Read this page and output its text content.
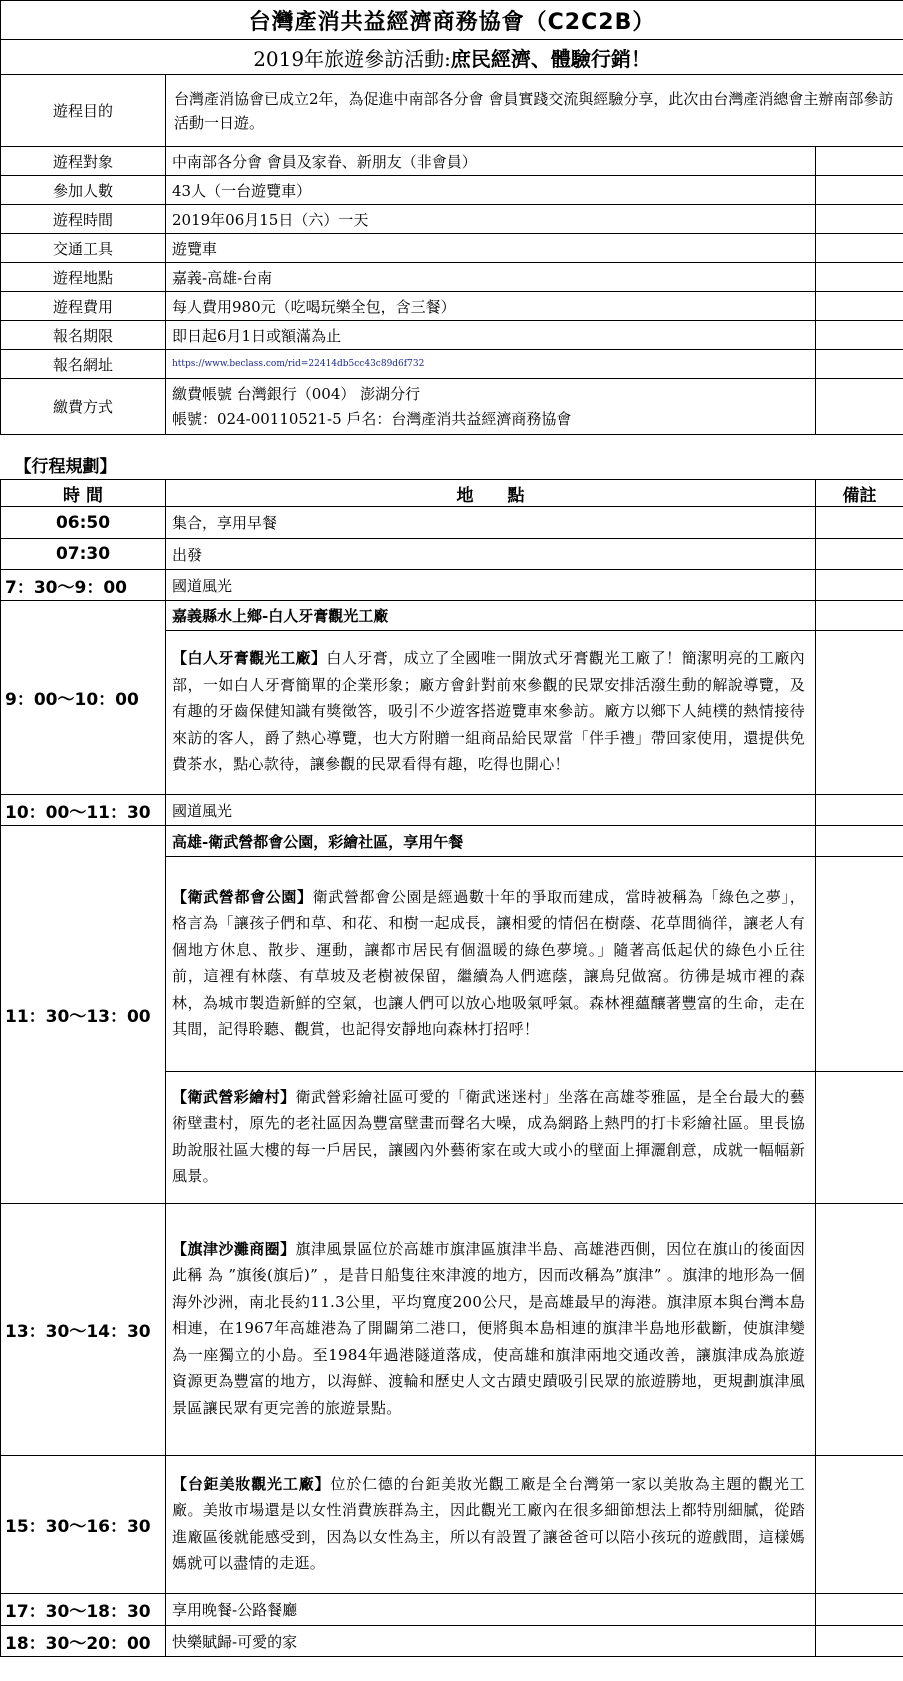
台灣產消共益經濟商務協會（C2C2B）		
2019年旅遊參訪活動:庶民經濟、體驗行銷！		
遊程目的	台灣產消協會已成立2年，為促進中南部各分會 會員實踐交流與經驗分享，此次由台灣產消總會主辦南部參訪活動一日遊。	
遊程對象	中南部各分會 會員及家眷、新朋友（非會員）	
參加人數	43人（一台遊覽車）	
遊程時間	2019年06月15日（六）一天	
交通工具	遊覽車	
遊程地點	嘉義-高雄-台南	
遊程費用	每人費用980元（吃喝玩樂全包，含三餐）	
報名期限	即日起6月1日或額滿為止	
報名網址	https://www.beclass.com/rid=22414db5cc43c89d6f732	
繳費方式	繳費帳號 台灣銀行（004） 澎湖分行
帳號：024-00110521-5 戶名：台灣產消共益經濟商務協會	

【行程規劃】		
時 間	地　　點	備註
06:50	集合，享用早餐	
07:30	出發	
7：30～9：00	國道風光	
9：00～10：00	嘉義縣水上鄉-白人牙膏觀光工廠	
	【白人牙膏觀光工廠】白人牙膏，成立了全國唯一開放式牙膏觀光工廠了！簡潔明亮的工廠內部，一如白人牙膏簡單的企業形象；廠方會針對前來參觀的民眾安排活潑生動的解說導覽，及有趣的牙齒保健知識有獎徵答，吸引不少遊客搭遊覽車來參訪。廠方以鄉下人純樸的熱情接待來訪的客人，爵了熱心導覽，也大方附贈一組商品給民眾當「伴手禮」帶回家使用，還提供免費茶水，點心款待，讓參觀的民眾看得有趣，吃得也開心！	
10：00～11：30	國道風光	
11：30～13：00	高雄-衛武營都會公園，彩繪社區，享用午餐	
	【衛武營都會公園】衛武營都會公園是經過數十年的爭取而建成，當時被稱為「綠色之夢」，格言為「讓孩子們和草、和花、和樹一起成長，讓相愛的情侶在樹蔭、花草間徜徉，讓老人有個地方休息、散步、運動，讓都市居民有個溫暖的綠色夢境。」隨著高低起伏的綠色小丘往前，這裡有林蔭、有草坡及老樹被保留，繼續為人們遮蔭，讓鳥兒做窩。彷彿是城市裡的森林，為城市製造新鮮的空氣，也讓人們可以放心地吸氣呼氣。森林裡蘊釀著豐富的生命，走在其間，記得聆聽、觀賞，也記得安靜地向森林打招呼！	
	【衛武營彩繪村】衛武營彩繪社區可愛的「衛武迷迷村」坐落在高雄苓雅區，是全台最大的藝術壁畫村，原先的老社區因為豐富壁畫而聲名大噪，成為網路上熱門的打卡彩繪社區。里長協助說服社區大樓的每一戶居民，讓國內外藝術家在或大或小的壁面上揮灑創意，成就一幅幅新風景。	
13：30～14：30	【旗津沙灘商圈】旗津風景區位於高雄市旗津區旗津半島、高雄港西側，因位在旗山的後面因此稱 為 ”旗後(旗后)” ，是昔日船隻往來津渡的地方，因而改稱為”旗津” 。旗津的地形為一個海外沙洲，南北長約11.3公里，平均寬度200公尺，是高雄最早的海港。旗津原本與台灣本島相連，在1967年高雄港為了開闢第二港口，便將與本島相連的旗津半島地形截斷，使旗津變為一座獨立的小島。至1984年過港隧道落成，使高雄和旗津兩地交通改善，讓旗津成為旅遊資源更為豐富的地方，以海鮮、渡輪和歷史人文古蹟史蹟吸引民眾的旅遊勝地，更規劃旗津風景區讓民眾有更完善的旅遊景點。	
15：30～16：30	【台鉅美妝觀光工廠】位於仁德的台鉅美妝光觀工廠是全台灣第一家以美妝為主題的觀光工廠。美妝市場還是以女性消費族群為主，因此觀光工廠內在很多細節想法上都特別細膩，從踏進廠區後就能感受到，因為以女性為主，所以有設置了讓爸爸可以陪小孩玩的遊戲間，這樣媽媽就可以盡情的走逛。	
17：30～18：30	享用晚餐-公路餐廳	
18：30～20：00	快樂賦歸-可愛的家	
